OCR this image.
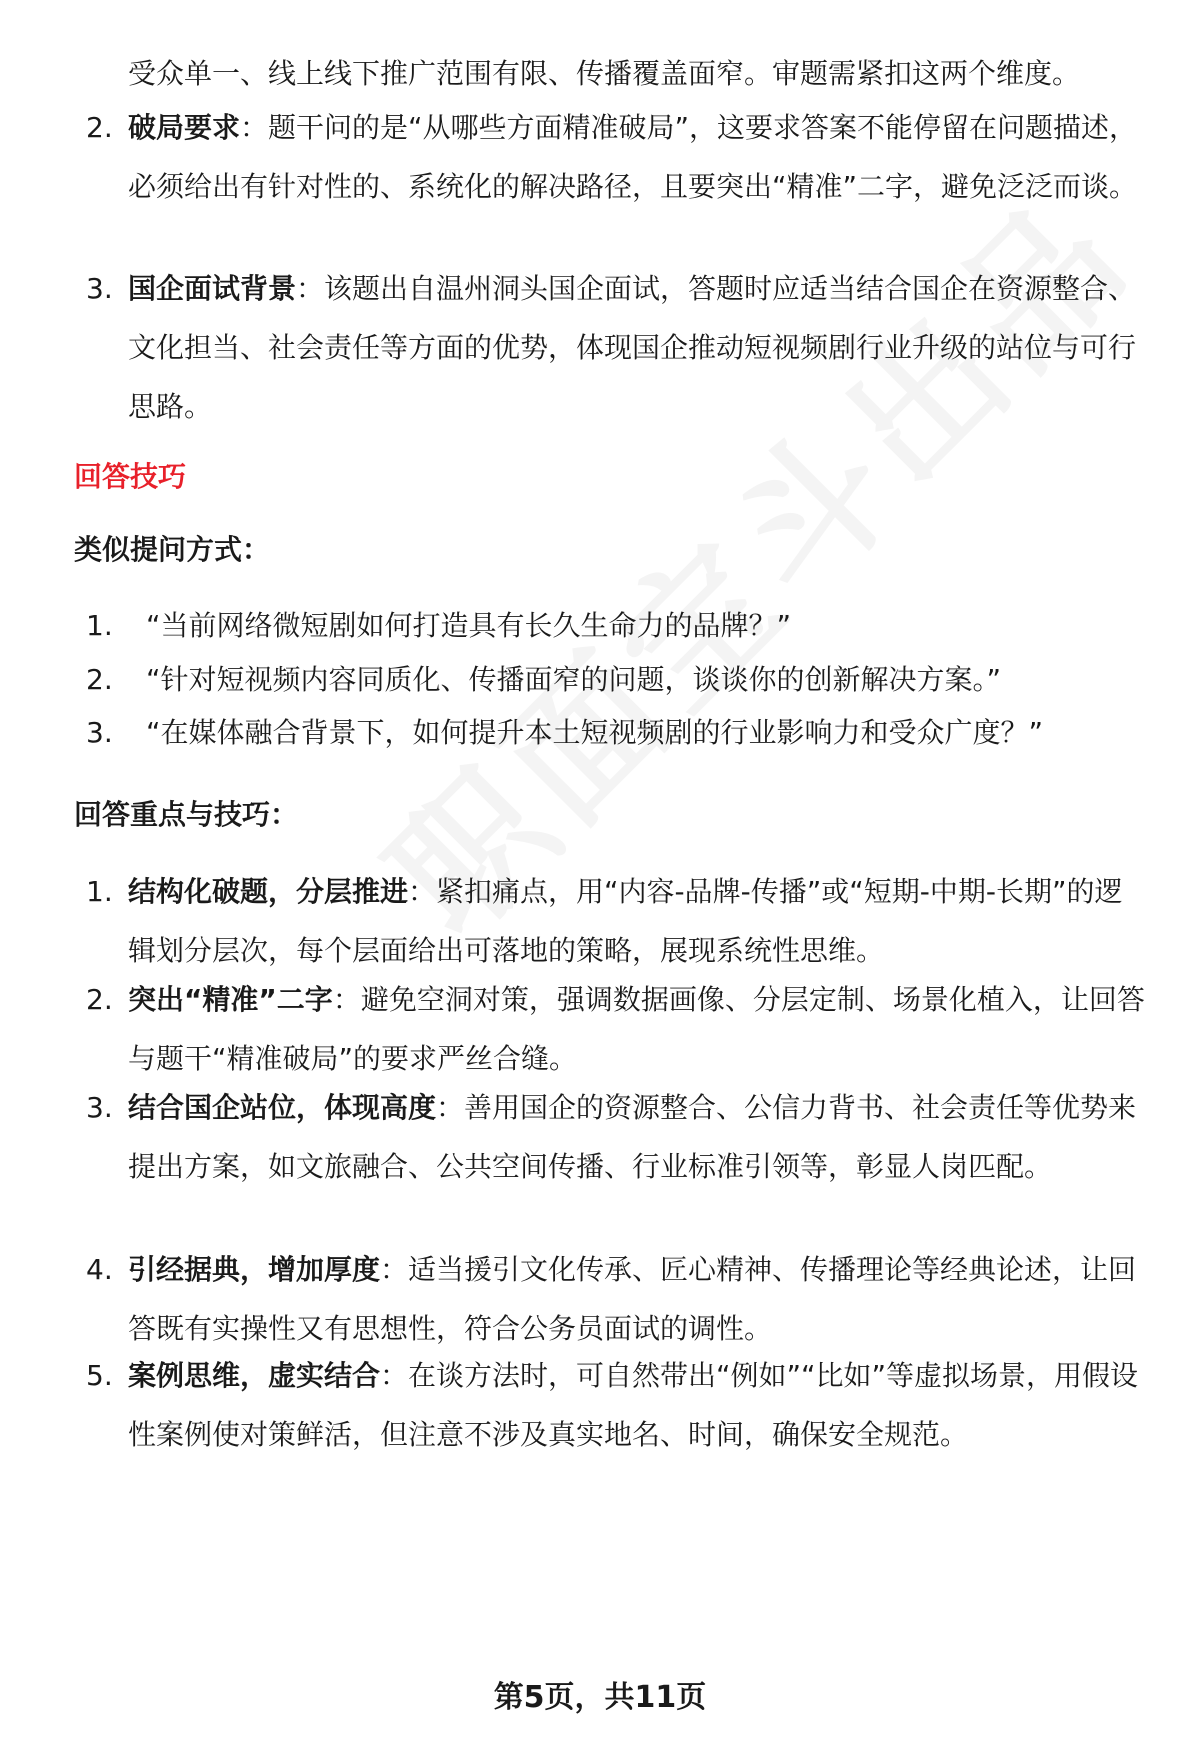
受众单一、线上线下推广范围有限、传播覆盖面窄。审题需紧扣这两个维度。
2. 破局要求：题干问的是“从哪些方面精准破局”，这要求答案不能停留在问题描述，必须给出有针对性的、系统化的解决路径，且要突出“精准”二字，避免泛泛而谈。
3. 国企面试背景：该题出自温州洞头国企面试，答题时应适当结合国企在资源整合、文化担当、社会责任等方面的优势，体现国企推动短视频剧行业升级的站位与可行思路。
回答技巧
类似提问方式：
1. “当前网络微短剧如何打造具有长久生命力的品牌？”
2. “针对短视频内容同质化、传播面窄的问题，谈谈你的创新解决方案。”
3. “在媒体融合背景下，如何提升本土短视频剧的行业影响力和受众广度？”
回答重点与技巧：
1. 结构化破题，分层推进：紧扣痛点，用“内容-品牌-传播”或“短期-中期-长期”的逻辑划分层次，每个层面给出可落地的策略，展现系统性思维。
2. 突出“精准”二字：避免空洞对策，强调数据画像、分层定制、场景化植入，让回答与题干“精准破局”的要求严丝合缝。
3. 结合国企站位，体现高度：善用国企的资源整合、公信力背书、社会责任等优势来提出方案，如文旅融合、公共空间传播、行业标准引领等，彰显人岗匹配。
4. 引经据典，增加厚度：适当援引文化传承、匠心精神、传播理论等经典论述，让回答既有实操性又有思想性，符合公务员面试的调性。
5. 案例思维，虚实结合：在谈方法时，可自然带出“例如”“比如”等虚拟场景，用假设性案例使对策鲜活，但注意不涉及真实地名、时间，确保安全规范。
第5页，共11页
